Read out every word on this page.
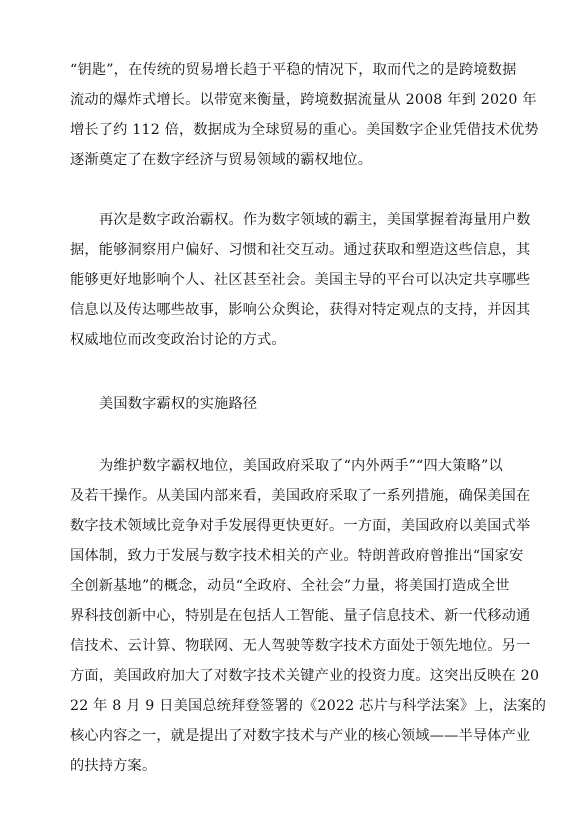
“钥匙”，在传统的贸易增长趋于平稳的情况下，取而代之的是跨境数据
流动的爆炸式增长。以带宽来衡量，跨境数据流量从 2008 年到 2020 年
增长了约 112 倍，数据成为全球贸易的重心。美国数字企业凭借技术优势
逐渐奠定了在数字经济与贸易领域的霸权地位。
再次是数字政治霸权。作为数字领域的霸主，美国掌握着海量用户数
据，能够洞察用户偏好、习惯和社交互动。通过获取和塑造这些信息，其
能够更好地影响个人、社区甚至社会。美国主导的平台可以决定共享哪些
信息以及传达哪些故事，影响公众舆论，获得对特定观点的支持，并因其
权威地位而改变政治讨论的方式。
美国数字霸权的实施路径
为维护数字霸权地位，美国政府采取了“内外两手”“四大策略”以
及若干操作。从美国内部来看，美国政府采取了一系列措施，确保美国在
数字技术领域比竞争对手发展得更快更好。一方面，美国政府以美国式举
国体制，致力于发展与数字技术相关的产业。特朗普政府曾推出“国家安
全创新基地”的概念，动员“全政府、全社会”力量，将美国打造成全世
界科技创新中心，特别是在包括人工智能、量子信息技术、新一代移动通
信技术、云计算、物联网、无人驾驶等数字技术方面处于领先地位。另一
方面，美国政府加大了对数字技术关键产业的投资力度。这突出反映在 20
22 年 8 月 9 日美国总统拜登签署的《2022 芯片与科学法案》上，法案的
核心内容之一，就是提出了对数字技术与产业的核心领域——半导体产业
的扶持方案。
